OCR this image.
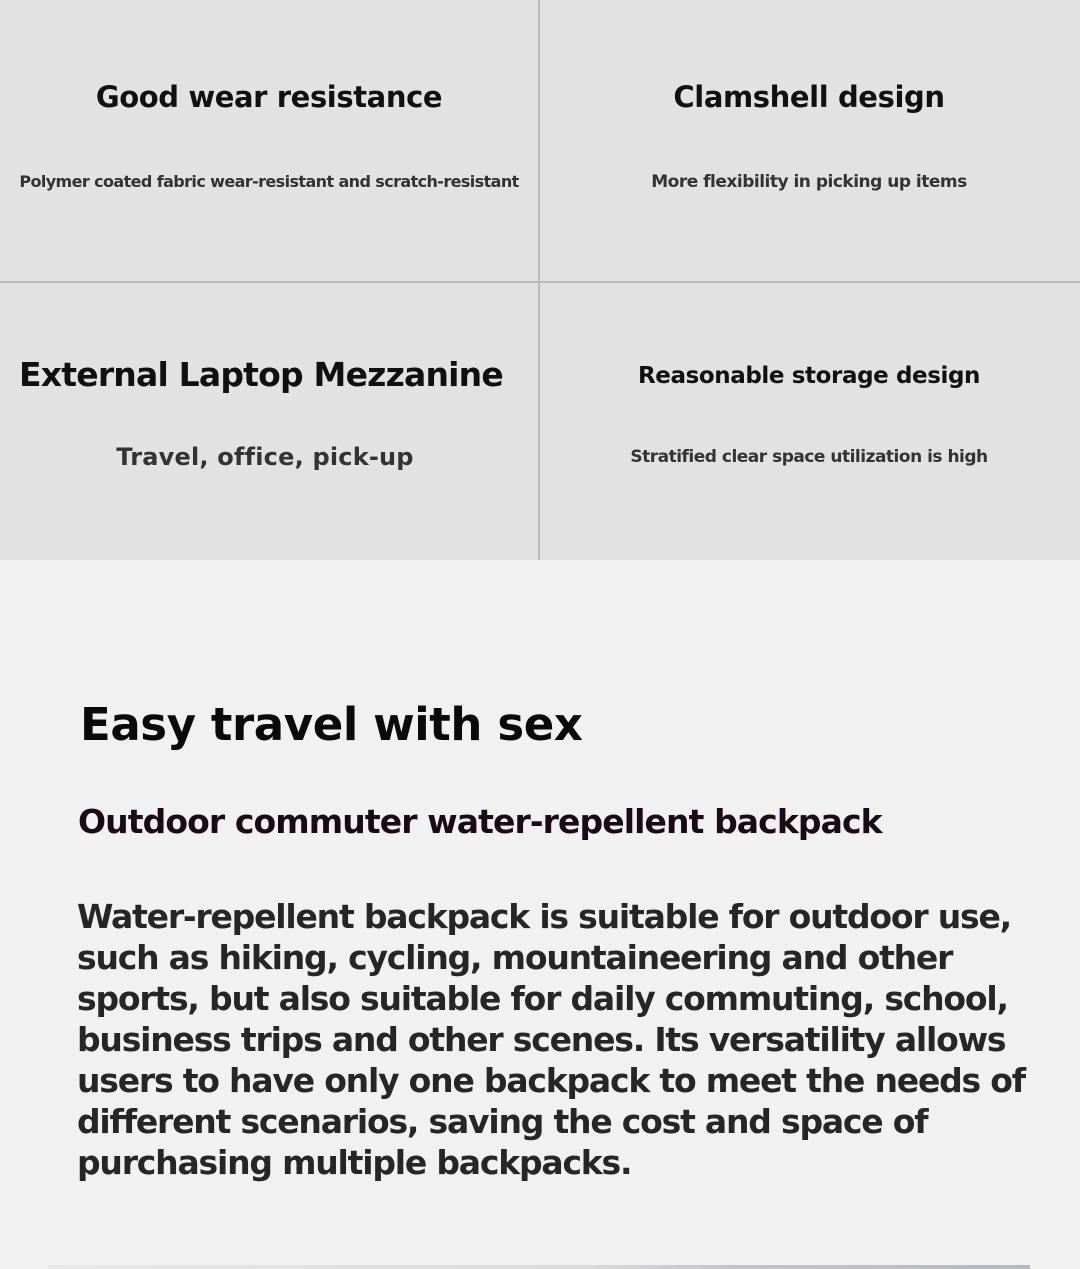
Good wear resistance
Polymer coated fabric wear-resistant and scratch-resistant
Clamshell design
More flexibility in picking up items
External Laptop Mezzanine
Travel, office, pick-up
Reasonable storage design
Stratified clear space utilization is high
Easy travel with sex
Outdoor commuter water-repellent backpack

Water-repellent backpack is suitable for outdoor use, such as hiking, cycling, mountaineering and other sports, but also suitable for daily commuting, school, business trips and other scenes. Its versatility allows users to have only one backpack to meet the needs of different scenarios, saving the cost and space of purchasing multiple backpacks.
